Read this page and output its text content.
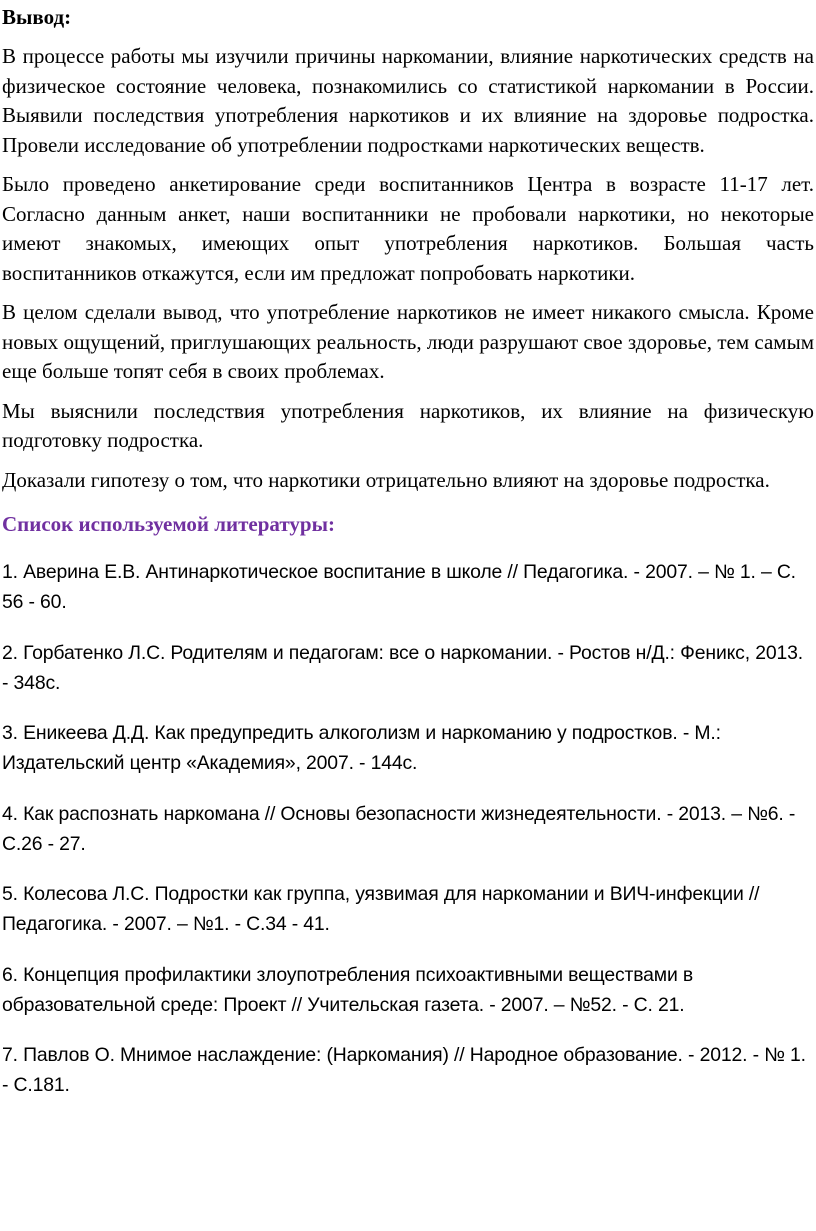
Вывод:

В процессе работы мы изучили причины наркомании, влияние наркотических средств на физическое состояние человека, познакомились со статистикой наркомании в России. Выявили последствия употребления наркотиков и их влияние на здоровье подростка. Провели исследование об употреблении подростками наркотических веществ.

Было проведено анкетирование среди воспитанников Центра в возрасте 11-17 лет. Согласно данным анкет, наши воспитанники не пробовали наркотики, но некоторые имеют знакомых, имеющих опыт употребления наркотиков. Большая часть воспитанников откажутся, если им предложат попробовать наркотики.

В целом сделали вывод, что употребление наркотиков не имеет никакого смысла. Кроме новых ощущений, приглушающих реальность, люди разрушают свое здоровье, тем самым еще больше топят себя в своих проблемах.

Мы выяснили последствия употребления наркотиков, их влияние на физическую подготовку подростка.

Доказали гипотезу о том, что наркотики отрицательно влияют на здоровье подростка.

Список используемой литературы:
1. Аверина Е.В. Антинаркотическое воспитание в школе // Педагогика. - 2007. – № 1. – С. 56 - 60.
2. Горбатенко Л.С. Родителям и педагогам: все о наркомании. - Ростов н/Д.: Феникс, 2013. - 348с.
3. Еникеева Д.Д. Как предупредить алкоголизм и наркоманию у подростков. - М.: Издательский центр «Академия», 2007. - 144с.
4. Как распознать наркомана // Основы безопасности жизнедеятельности. - 2013. – №6. - С.26 - 27.
5. Колесова Л.С. Подростки как группа, уязвимая для наркомании и ВИЧ-инфекции // Педагогика. - 2007. – №1. - С.34 - 41.
6. Концепция профилактики злоупотребления психоактивными веществами в образовательной среде: Проект // Учительская газета. - 2007. – №52. - С. 21.
7. Павлов О. Мнимое наслаждение: (Наркомания) // Народное образование. - 2012. - № 1. - С.181.
